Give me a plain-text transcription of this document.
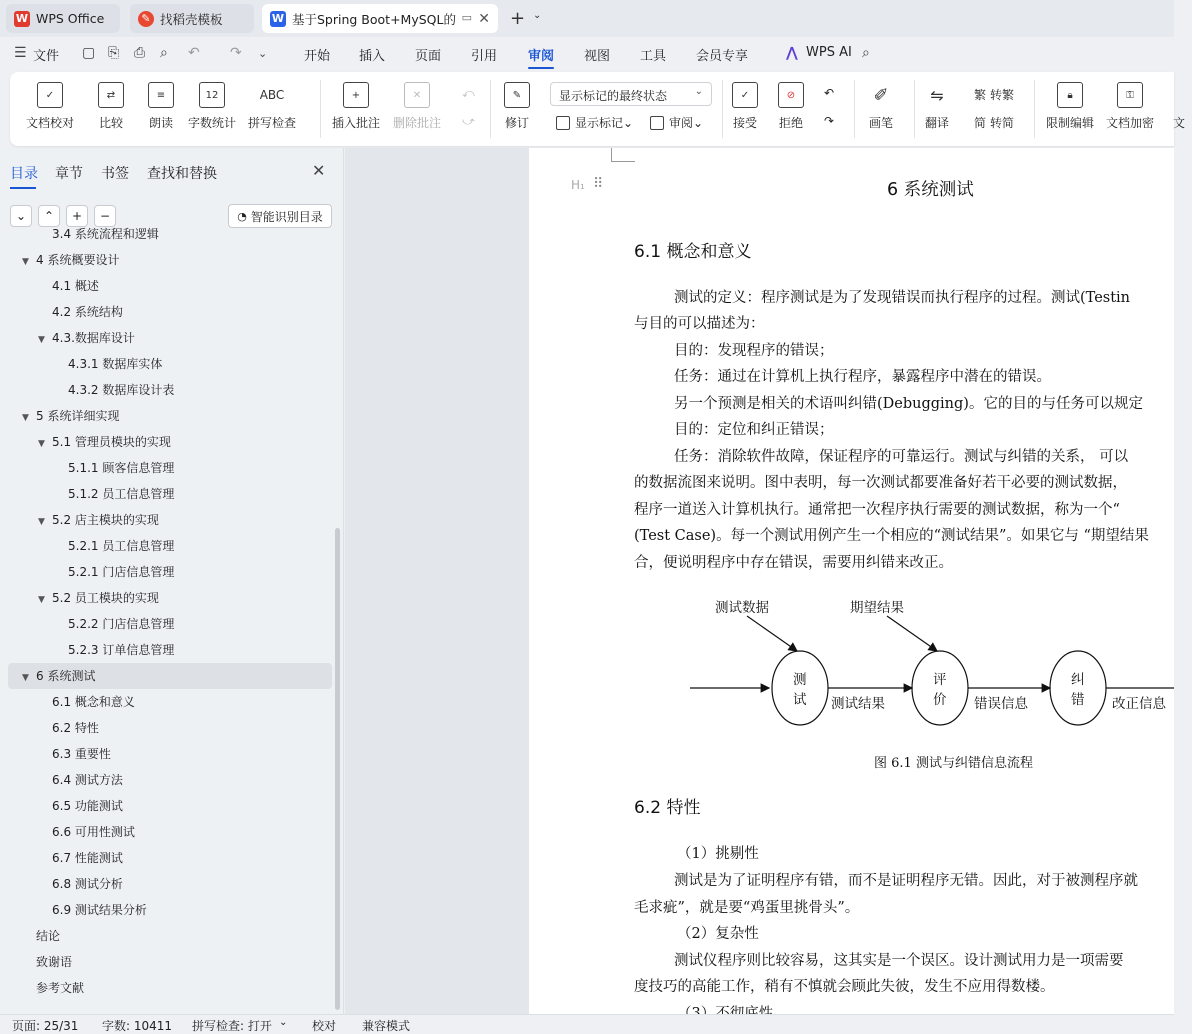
W WPS Office	✎ 找稻壳模板	W 基于Spring Boot+MySQL的 ▭ ✕ + ⌄
☰ 文件 ▢ ⎘ ⎙ ⌕ ↶ ↷ ⌄	开始 插入 页面 引用 审阅 视图 工具 会员专享	⋀ WPS AI ⌕
✓
文档校对
⇄
比较
≡
朗读
12
字数统计
ABC
拼写检查
+
插入批注
✕
删除批注
⤺
⤻
✎
修订
显示标记的最终状态	⌄
显示标记 ⌄	审阅 ⌄
✓
接受
⊘
拒绝
↶
↷
✐
画笔
⇋
翻译
繁 转繁
简 转简
🔒︎
限制编辑
⚿
文档加密 文
目录 章节 书签 查找和替换	✕
⌄	⌃	+	−	◔ 智能识别目录
3.4 系统流程和逻辑
▼ 4 系统概要设计
4.1 概述
4.2 系统结构
▼ 4.3.数据库设计
4.3.1 数据库实体
4.3.2 数据库设计表
▼ 5 系统详细实现
▼ 5.1 管理员模块的实现
5.1.1 顾客信息管理
5.1.2 员工信息管理
▼ 5.2 店主模块的实现
5.2.1 员工信息管理
5.2.1 门店信息管理
▼ 5.2 员工模块的实现
5.2.2 门店信息管理
5.2.3 订单信息管理
▼ 6 系统测试
6.1 概念和意义
6.2 特性
6.3 重要性
6.4 测试方法
6.5 功能测试
6.6 可用性测试
6.7 性能测试
6.8 测试分析
6.9 测试结果分析
结论
致谢语
参考文献
H₁ ⠿	6 系统测试
6.1 概念和意义
测试数据	期望结果
测
试
评
价
纠
错
测试结果	错误信息	改正信息
图 6.1 测试与纠错信息流程
6.2 特性
测试的定义：程序测试是为了发现错误而执行程序的过程。测试(Testin
与目的可以描述为：
目的：发现程序的错误；
任务：通过在计算机上执行程序，暴露程序中潜在的错误。
另一个预测是相关的术语叫纠错(Debugging)。它的目的与任务可以规定
目的：定位和纠正错误；
任务：消除软件故障，保证程序的可靠运行。测试与纠错的关系， 可以
的数据流图来说明。图中表明，每一次测试都要准备好若干必要的测试数据，
程序一道送入计算机执行。通常把一次程序执行需要的测试数据，称为一个“
(Test Case)。每一个测试用例产生一个相应的“测试结果”。如果它与 “期望结果
合，便说明程序中存在错误，需要用纠错来改正。
（1）挑剔性
测试是为了证明程序有错，而不是证明程序无错。因此，对于被测程序就
毛求疵”，就是要“鸡蛋里挑骨头”。
（2）复杂性
测试仪程序则比较容易，这其实是一个误区。设计测试用力是一项需要
度技巧的高能工作，稍有不慎就会顾此失彼，发生不应用得数楼。
页面: 25/31 字数: 10411 拼写检查: 打开 ⌄ 校对 兼容模式
